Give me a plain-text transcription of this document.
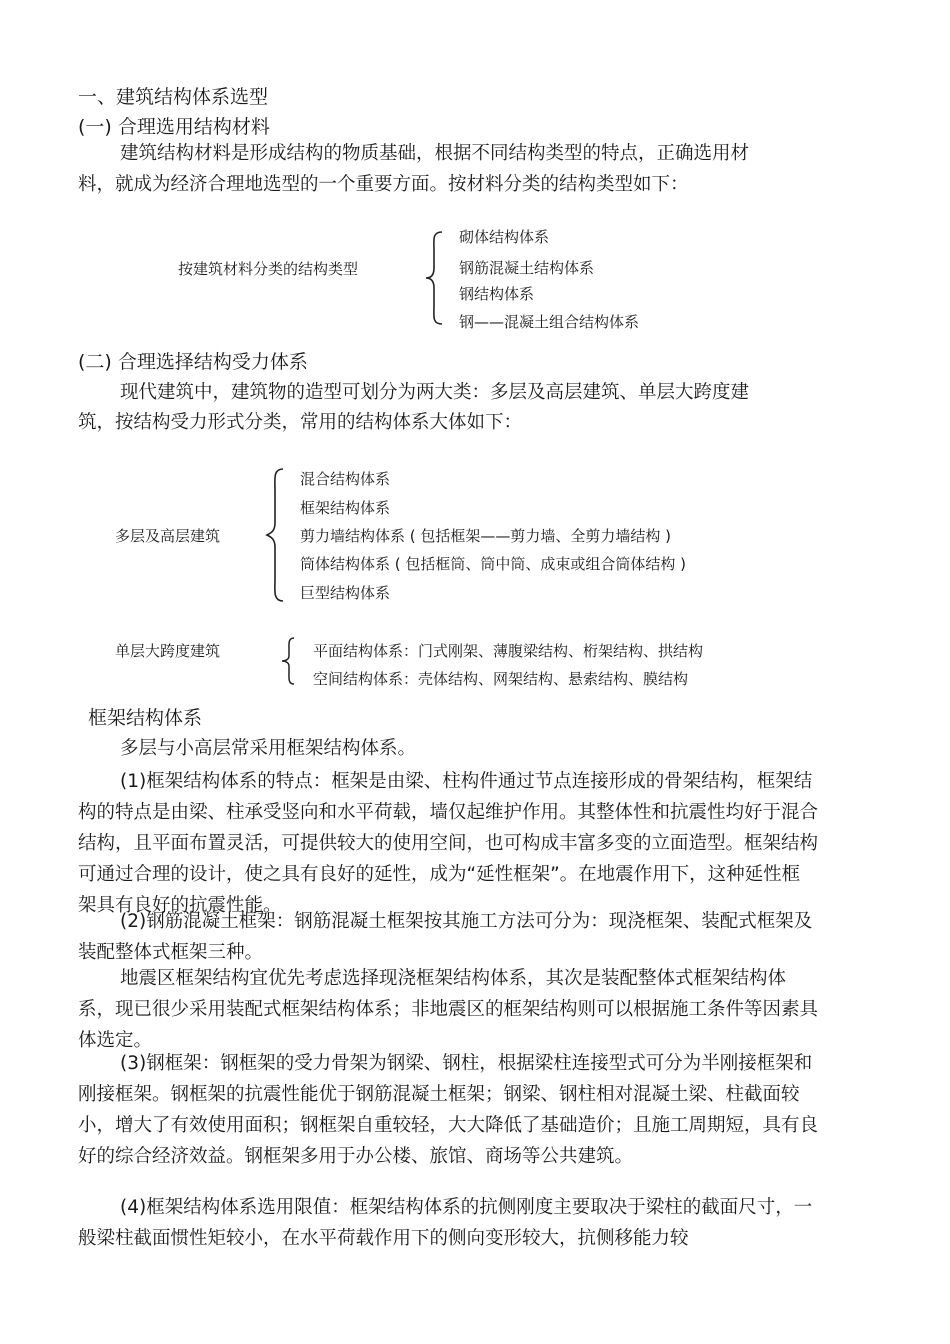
一、建筑结构体系选型
(一) 合理选用结构材料
建筑结构材料是形成结构的物质基础，根据不同结构类型的特点，正确选用材
料，就成为经济合理地选型的一个重要方面。按材料分类的结构类型如下：
按建筑材料分类的结构类型
砌体结构体系
钢筋混凝土结构体系
钢结构体系
钢——混凝土组合结构体系
(二) 合理选择结构受力体系
现代建筑中，建筑物的造型可划分为两大类：多层及高层建筑、单层大跨度建
筑，按结构受力形式分类，常用的结构体系大体如下：
多层及高层建筑
混合结构体系
框架结构体系
剪力墙结构体系 ( 包括框架——剪力墙、全剪力墙结构 )
筒体结构体系 ( 包括框筒、筒中筒、成束或组合筒体结构 )
巨型结构体系
单层大跨度建筑	平面结构体系：门式刚架、薄腹梁结构、桁架结构、拱结构
空间结构体系：壳体结构、网架结构、悬索结构、膜结构
框架结构体系
多层与小高层常采用框架结构体系。
(1)框架结构体系的特点：框架是由梁、柱构件通过节点连接形成的骨架结构，框架结构的特点是由梁、柱承受竖向和水平荷载，墙仅起维护作用。其整体性和抗震性均好于混合结构，且平面布置灵活，可提供较大的使用空间，也可构成丰富多变的立面造型。框架结构可通过合理的设计，使之具有良好的延性，成为“延性框架”。在地震作用下，这种延性框架具有良好的抗震性能。
(2)钢筋混凝土框架：钢筋混凝土框架按其施工方法可分为：现浇框架、装配式框架及装配整体式框架三种。
地震区框架结构宜优先考虑选择现浇框架结构体系，其次是装配整体式框架结构体系，现已很少采用装配式框架结构体系；非地震区的框架结构则可以根据施工条件等因素具体选定。
(3)钢框架：钢框架的受力骨架为钢梁、钢柱，根据梁柱连接型式可分为半刚接框架和刚接框架。钢框架的抗震性能优于钢筋混凝土框架；钢梁、钢柱相对混凝土梁、柱截面较小，增大了有效使用面积；钢框架自重较轻，大大降低了基础造价；且施工周期短，具有良好的综合经济效益。钢框架多用于办公楼、旅馆、商场等公共建筑。
(4)框架结构体系选用限值：框架结构体系的抗侧刚度主要取决于梁柱的截面尺寸，一般梁柱截面惯性矩较小，在水平荷载作用下的侧向变形较大，抗侧移能力较
